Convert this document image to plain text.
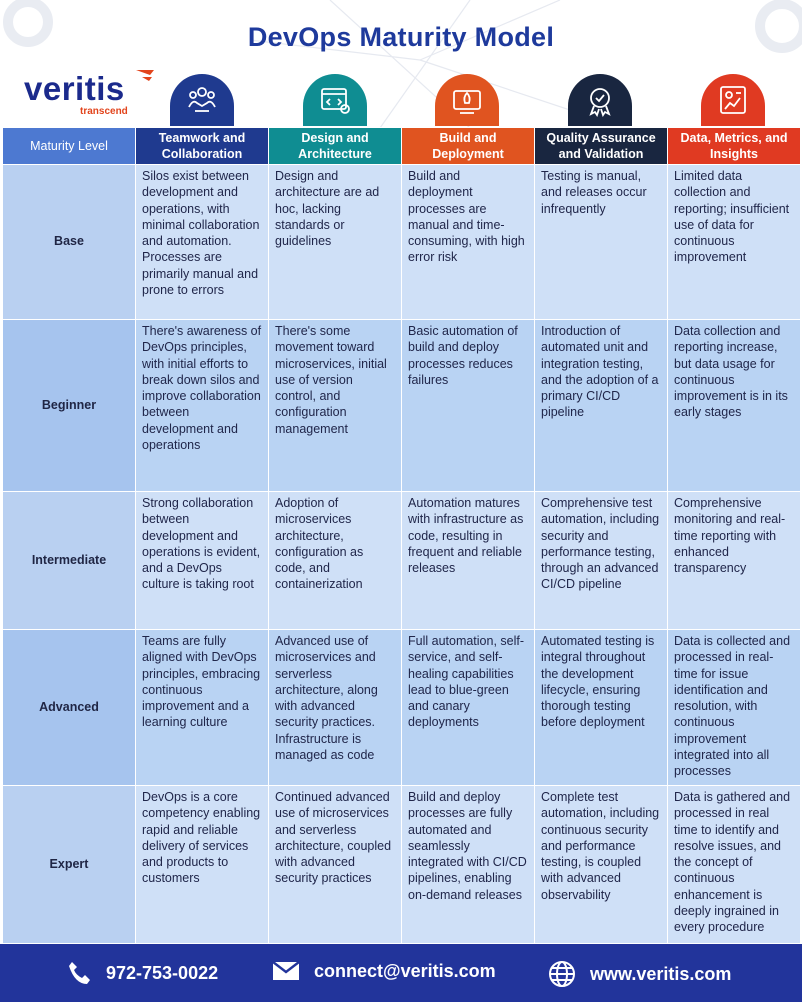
DevOps Maturity Model
veritis
transcend
Maturity Level	Teamwork and Collaboration	Design and Architecture	Build and Deployment	Quality Assurance and Validation	Data, Metrics, and Insights
Base	Silos exist between development and operations, with minimal collaboration and automation. Processes are primarily manual and prone to errors	Design and architecture are ad hoc, lacking standards or guidelines	Build and deployment processes are manual and time-consuming, with high error risk	Testing is manual, and releases occur infrequently	Limited data collection and reporting; insufficient use of data for continuous improvement
Beginner	There's awareness of DevOps principles, with initial efforts to break down silos and improve collaboration between development and operations	There's some movement toward microservices, initial use of version control, and configuration management	Basic automation of build and deploy processes reduces failures	Introduction of automated unit and integration testing, and the adoption of a primary CI/CD pipeline	Data collection and reporting increase, but data usage for continuous improvement is in its early stages
Intermediate	Strong collaboration between development and operations is evident, and a DevOps culture is taking root	Adoption of microservices architecture, configuration as code, and containerization	Automation matures with infrastructure as code, resulting in frequent and reliable releases	Comprehensive test automation, including security and performance testing, through an advanced CI/CD pipeline	Comprehensive monitoring and real-time reporting with enhanced transparency
Advanced	Teams are fully aligned with DevOps principles, embracing continuous improvement and a learning culture	Advanced use of microservices and serverless architecture, along with advanced security practices. Infrastructure is managed as code	Full automation, self-service, and self-healing capabilities lead to blue-green and canary deployments	Automated testing is integral throughout the development lifecycle, ensuring thorough testing before deployment	Data is collected and processed in real-time for issue identification and resolution, with continuous improvement integrated into all processes
Expert	DevOps is a core competency enabling rapid and reliable delivery of services and products to customers	Continued advanced use of microservices and serverless architecture, coupled with advanced security practices	Build and deploy processes are fully automated and seamlessly integrated with CI/CD pipelines, enabling on-demand releases	Complete test automation, including continuous security and performance testing, is coupled with advanced observability	Data is gathered and processed in real time to identify and resolve issues, and the concept of continuous enhancement is deeply ingrained in every procedure
972-753-0022	connect@veritis.com	www.veritis.com
